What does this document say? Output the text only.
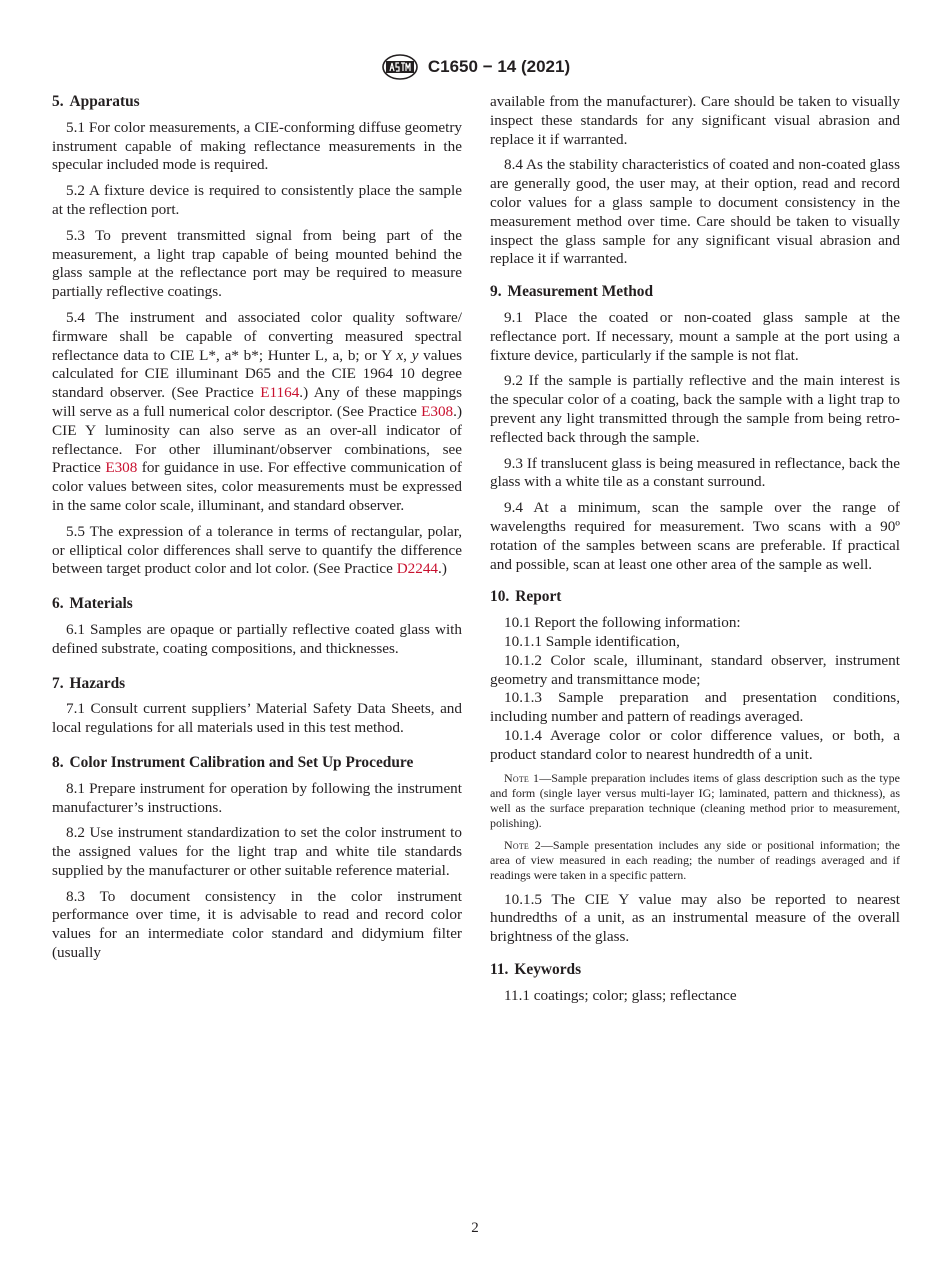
C1650 − 14 (2021)
5. Apparatus

5.1 For color measurements, a CIE-conforming diffuse geometry instrument capable of making reflectance measurements in the specular included mode is required.

5.2 A fixture device is required to consistently place the sample at the reflection port.

5.3 To prevent transmitted signal from being part of the measurement, a light trap capable of being mounted behind the glass sample at the reflectance port may be required to measure partially reflective coatings.

5.4 The instrument and associated color quality software/ firmware shall be capable of converting measured spectral reflectance data to CIE L*, a* b*; Hunter L, a, b; or Y x, y values calculated for CIE illuminant D65 and the CIE 1964 10 degree standard observer. (See Practice E1164.) Any of these mappings will serve as a full numerical color descriptor. (See Practice E308.) CIE Y luminosity can also serve as an over-all indicator of reflectance. For other illuminant/observer combinations, see Practice E308 for guidance in use. For effective communication of color values between sites, color measurements must be expressed in the same color scale, illuminant, and standard observer.

5.5 The expression of a tolerance in terms of rectangular, polar, or elliptical color differences shall serve to quantify the difference between target product color and lot color. (See Practice D2244.)

6. Materials

6.1 Samples are opaque or partially reflective coated glass with defined substrate, coating compositions, and thicknesses.

7. Hazards

7.1 Consult current suppliers’ Material Safety Data Sheets, and local regulations for all materials used in this test method.

8. Color Instrument Calibration and Set Up Procedure

8.1 Prepare instrument for operation by following the instrument manufacturer’s instructions.

8.2 Use instrument standardization to set the color instrument to the assigned values for the light trap and white tile standards supplied by the manufacturer or other suitable reference material.

8.3 To document consistency in the color instrument performance over time, it is advisable to read and record color values for an intermediate color standard and didymium filter (usually

available from the manufacturer). Care should be taken to visually inspect these standards for any significant visual abrasion and replace it if warranted.

8.4 As the stability characteristics of coated and non-coated glass are generally good, the user may, at their option, read and record color values for a glass sample to document consistency in the measurement method over time. Care should be taken to visually inspect the glass sample for any significant visual abrasion and replace it if warranted.

9. Measurement Method

9.1 Place the coated or non-coated glass sample at the reflectance port. If necessary, mount a sample at the port using a fixture device, particularly if the sample is not flat.

9.2 If the sample is partially reflective and the main interest is the specular color of a coating, back the sample with a light trap to prevent any light transmitted through the sample from being retro-reflected back through the sample.

9.3 If translucent glass is being measured in reflectance, back the glass with a white tile as a constant surround.

9.4 At a minimum, scan the sample over the range of wavelengths required for measurement. Two scans with a 90º rotation of the samples between scans are preferable. If practical and possible, scan at least one other area of the sample as well.

10. Report

10.1 Report the following information:

10.1.1 Sample identification,

10.1.2 Color scale, illuminant, standard observer, instrument geometry and transmittance mode;

10.1.3 Sample preparation and presentation conditions, including number and pattern of readings averaged.

10.1.4 Average color or color difference values, or both, a product standard color to nearest hundredth of a unit.

Note 1—Sample preparation includes items of glass description such as the type and form (single layer versus multi-layer IG; laminated, pattern and thickness), as well as the surface preparation technique (cleaning method prior to measurement, polishing).

Note 2—Sample presentation includes any side or positional information; the area of view measured in each reading; the number of readings averaged and if readings were taken in a specific pattern.

10.1.5 The CIE Y value may also be reported to nearest hundredths of a unit, as an instrumental measure of the overall brightness of the glass.

11. Keywords

11.1 coatings; color; glass; reflectance

2
